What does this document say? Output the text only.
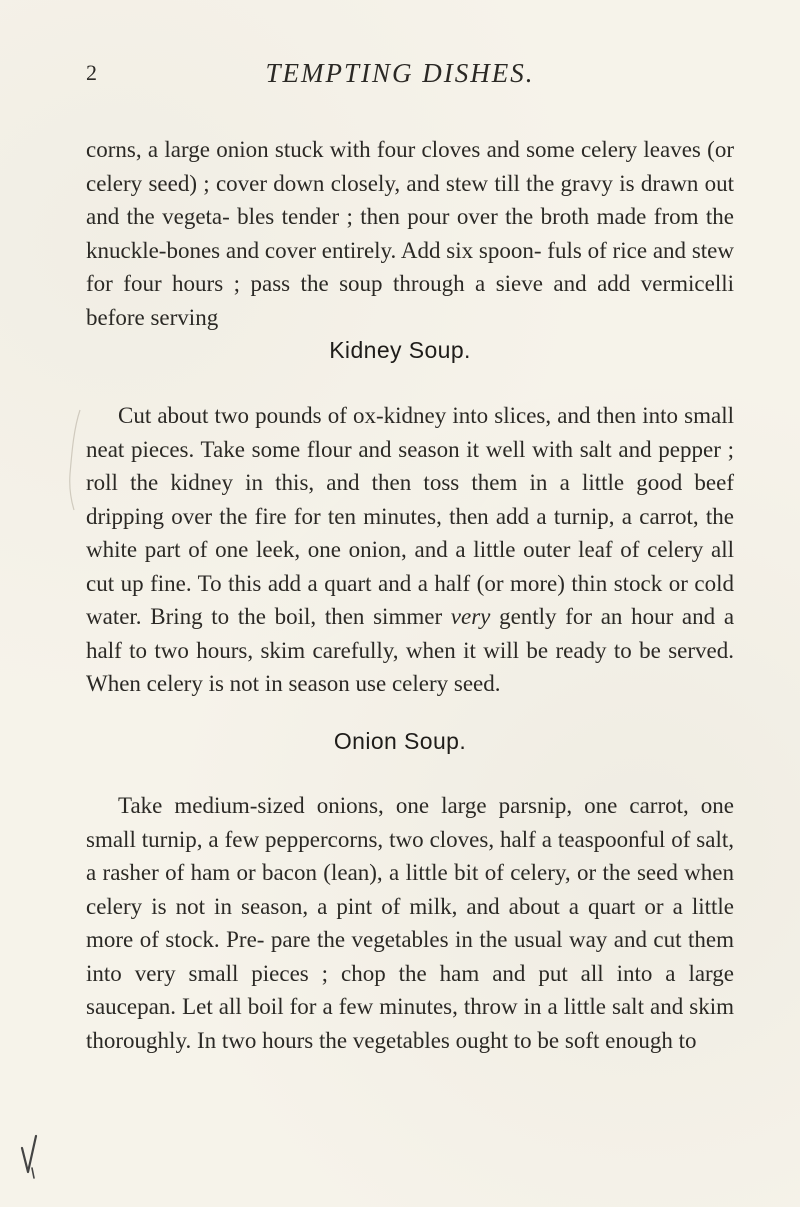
2	TEMPTING DISHES.

corns, a large onion stuck with four cloves and some celery leaves (or celery seed) ; cover down closely, and stew till the gravy is drawn out and the vegeta- bles tender ; then pour over the broth made from the knuckle-bones and cover entirely. Add six spoon- fuls of rice and stew for four hours ; pass the soup through a sieve and add vermicelli before serving

Kidney Soup.

Cut about two pounds of ox-kidney into slices, and then into small neat pieces. Take some flour and season it well with salt and pepper ; roll the kidney in this, and then toss them in a little good beef dripping over the fire for ten minutes, then add a turnip, a carrot, the white part of one leek, one onion, and a little outer leaf of celery all cut up fine. To this add a quart and a half (or more) thin stock or cold water. Bring to the boil, then simmer very gently for an hour and a half to two hours, skim carefully, when it will be ready to be served. When celery is not in season use celery seed.

Onion Soup.

Take medium-sized onions, one large parsnip, one carrot, one small turnip, a few peppercorns, two cloves, half a teaspoonful of salt, a rasher of ham or bacon (lean), a little bit of celery, or the seed when celery is not in season, a pint of milk, and about a quart or a little more of stock. Pre- pare the vegetables in the usual way and cut them into very small pieces ; chop the ham and put all into a large saucepan. Let all boil for a few minutes, throw in a little salt and skim thoroughly. In two hours the vegetables ought to be soft enough to
